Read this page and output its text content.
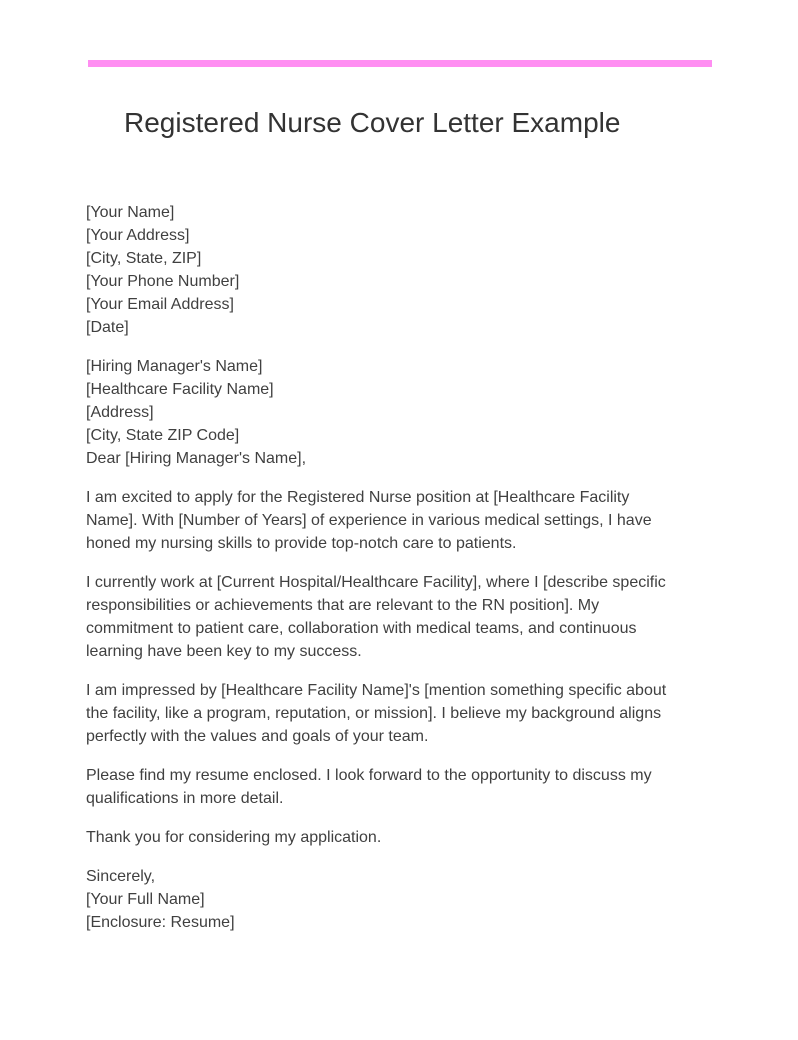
Registered Nurse Cover Letter Example
[Your Name]
[Your Address]
[City, State, ZIP]
[Your Phone Number]
[Your Email Address]
[Date]
[Hiring Manager's Name]
[Healthcare Facility Name]
[Address]
[City, State ZIP Code]
Dear [Hiring Manager's Name],
I am excited to apply for the Registered Nurse position at [Healthcare Facility
Name]. With [Number of Years] of experience in various medical settings, I have
honed my nursing skills to provide top-notch care to patients.
I currently work at [Current Hospital/Healthcare Facility], where I [describe specific
responsibilities or achievements that are relevant to the RN position]. My
commitment to patient care, collaboration with medical teams, and continuous
learning have been key to my success.
I am impressed by [Healthcare Facility Name]'s [mention something specific about
the facility, like a program, reputation, or mission]. I believe my background aligns
perfectly with the values and goals of your team.
Please find my resume enclosed. I look forward to the opportunity to discuss my
qualifications in more detail.
Thank you for considering my application.
Sincerely,
[Your Full Name]
[Enclosure: Resume]
